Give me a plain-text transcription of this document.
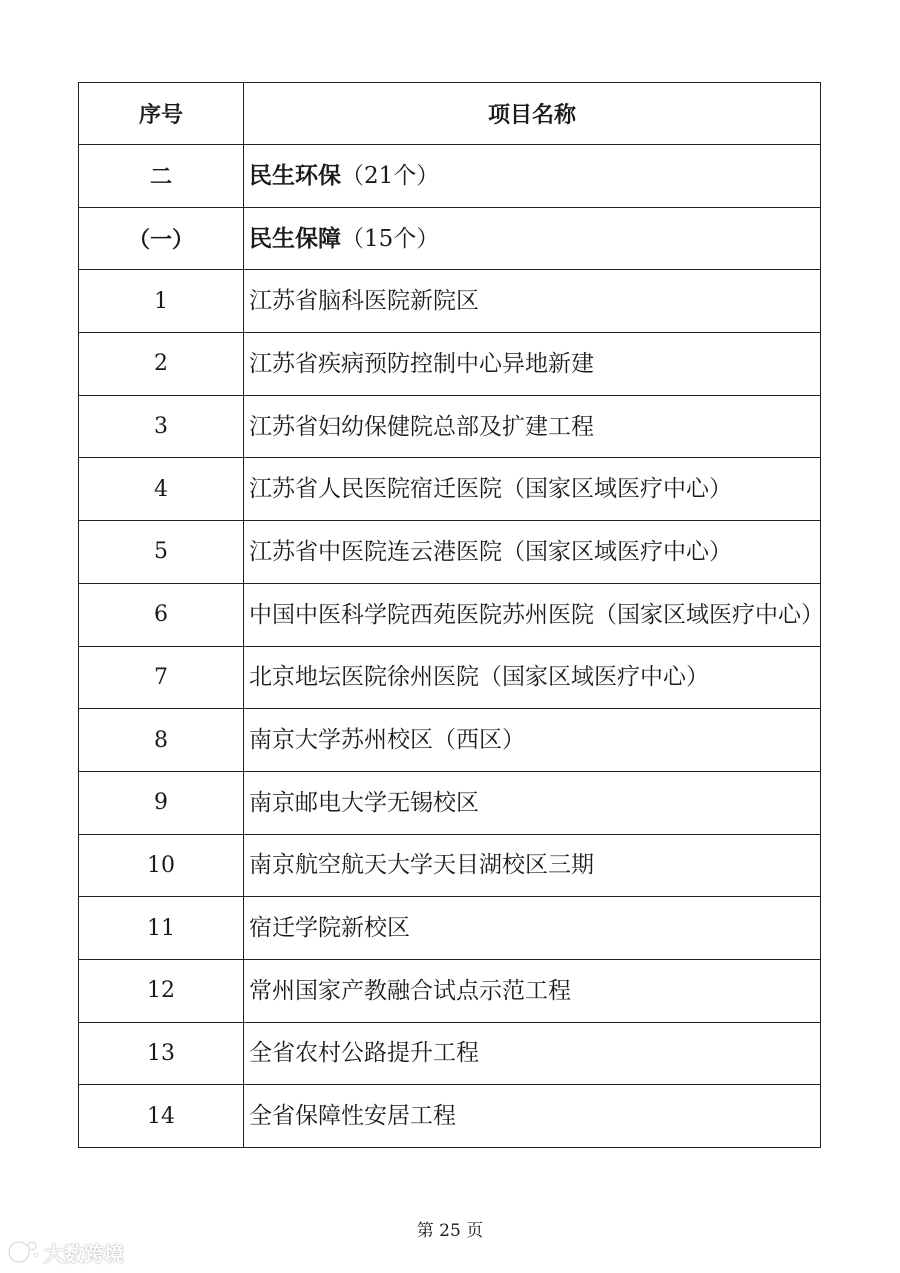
序号	项目名称
二	民生环保（21个）
（一）	民生保障（15个）
1	江苏省脑科医院新院区
2	江苏省疾病预防控制中心异地新建
3	江苏省妇幼保健院总部及扩建工程
4	江苏省人民医院宿迁医院（国家区域医疗中心）
5	江苏省中医院连云港医院（国家区域医疗中心）
6	中国中医科学院西苑医院苏州医院（国家区域医疗中心）
7	北京地坛医院徐州医院（国家区域医疗中心）
8	南京大学苏州校区（西区）
9	南京邮电大学无锡校区
10	南京航空航天大学天目湖校区三期
11	宿迁学院新校区
12	常州国家产教融合试点示范工程
13	全省农村公路提升工程
14	全省保障性安居工程
第 25 页
大数跨境
